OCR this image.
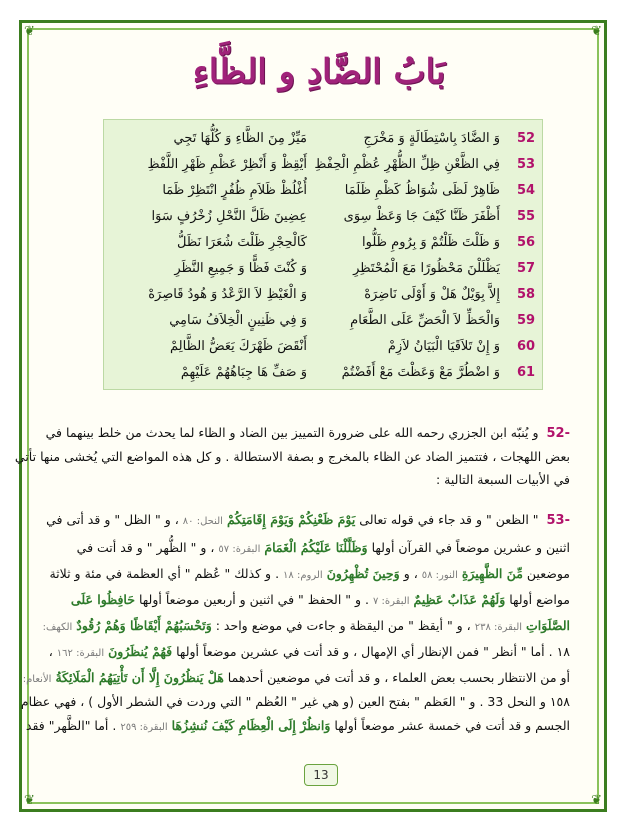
❦	❦
❦	❦
بَابُ الضَّادِ و الظَّاءِ
52
وَ الضَّادَ بِاسْتِطَالَةٍ وَ مَخْرَجِ
مَيِّزْ مِنَ الظَّاءِ وَ كُلُّهَا تَجِي
53
فِي الظَّعْنِ ظِلِّ الظُّهْرِ عُظْمِ الْحِفْظِ
أَيْقِظْ وَ أَنْظِرْ عَظْمِ ظَهْرِ اللَّفْظِ
54
ظَاهِرْ لَظَى شُوَاظُ كَظْمِ ظَلَمَا
أُغْلُظْ ظَلاَمِ ظُفُرٍ انْتَظِرْ ظَمَا
55
أَظْفَرَ ظَنَّا كَيْفَ جَا وَعَظْ سِوَى
عِضِينَ ظَلَّ النَّحْلِ زُخْرُفٍ سَوَا
56
وَ ظَلْتَ ظَلْتُمْ وَ بِرُومِ ظَلُّوا
كَالْحِجْرِ ظَلْتَ شُعَرَا نَظَلُّ
57
يَظْلَلْنَ مَحْظُورًا مَعَ الْمُحْتَظِرِ
وَ كُنْتَ فَظًّا وَ جَمِيعِ النَّظَرِ
58
إِلاَّ بِوَيْلٌ هَلْ وَ أَوْلَى نَاضِرَهْ
وَ الْغَيْظِ لاَ الرَّعْدُ وَ هُودُ قَاصِرَهْ
59
وَالْحَظِّ لاَ الْحَضِّ عَلَى الطَّعَامِ
وَ فِي ظَنِينٍ الْخِلاَفُ سَامِي
60
وَ إِنْ تَلاَقَيَا الْبَيَانُ لاَزِمْ
أَنْقَضَ ظَهْرَكَ يَعَضُّ الظَّالِمْ
61
وَ اضْطُرَّ مَعْ وَعَظْتَ مَعْ أَفَضْتُمْ
وَ صَفِّ هَا جِبَاهُهُمْ عَلَيْهِمْ
-52  و يُنبّه ابن الجزري رحمه الله على ضرورة التمييز بين الضاد و الظاء لما يحدث من خلط بينهما في
بعض اللهجات ، فتتميز الضاد عن الظاء بالمخرج و بصفة الاستطالة . و كل هذه المواضع التي يُخشى منها تأتي
في الأبيات السبعة التالية :
-53  " الظعن " و قد جاء في قوله تعالى يَوْمَ ظَعْنِكُمْ وَيَوْمَ إِقَامَتِكُمْ النحل: ٨٠ ، و " الظل " و قد أتى في
اثنين و عشرين موضعاً في القرآن أولها وَظَلَّلْنَا عَلَيْكُمُ الْغَمَامَ البقرة: ٥٧ ، و " الظُّهر " و قد أتت في
موضعين مِّنَ الظَّهِيرَةِ النور: ٥٨ ، و وَحِينَ تُظْهِرُونَ الروم: ١٨ . و كذلك " عُظم " أي العظمة في مئة و ثلاثة
مواضع أولها وَلَهُمْ عَذَابٌ عَظِيمٌ البقرة: ٧ . و " الحفظ " في اثنين و أربعين موضعاً أولها حَافِظُوا عَلَى
الصَّلَوَاتِ البقرة: ٢٣٨ ، و " أيقظ " من اليقظة و جاءت في موضع واحد : وَتَحْسَبُهُمْ أَيْقَاظًا وَهُمْ رُقُودٌ الكهف:
١٨ . أما " أنظر " فمن الإنظار أي الإمهال ، و قد أتت في عشرين موضعاً أولها فَهُمْ يُنظَرُونَ البقرة: ١٦٢ ،
أو من الانتظار بحسب بعض العلماء ، و قد أتت في موضعين أحدهما هَلْ يَنظُرُونَ إِلَّا أَن تَأْتِيَهُمُ الْمَلَائِكَةُ الأنعام:
١٥٨ و النحل 33 . و " العَظم " بفتح العين (و هي غير " العُظم " التي وردت في الشطر الأول ) ، فهي عظام
الجسم و قد أتت في خمسة عشر موضعاً أولها وَانظُرْ إِلَى الْعِظَامِ كَيْفَ نُنشِزُهَا البقرة: ٢٥٩ . أما "الظَّهر" فقد
13
